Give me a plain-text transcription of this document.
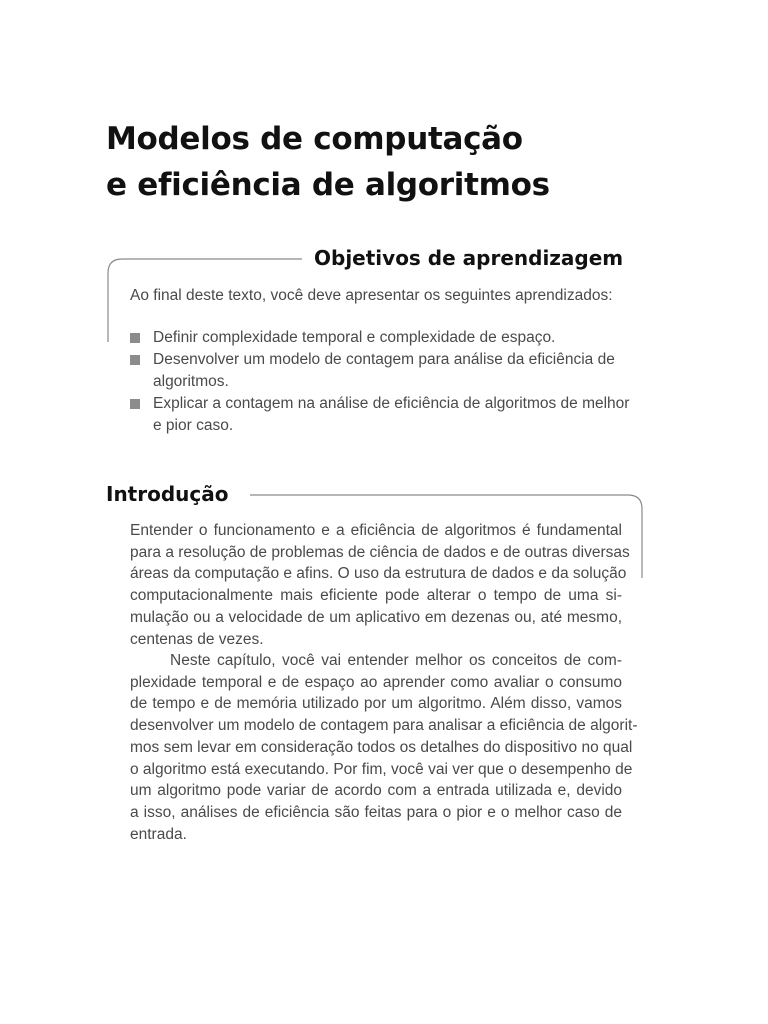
Modelos de computação
e eficiência de algoritmos
Objetivos de aprendizagem

Ao final deste texto, você deve apresentar os seguintes aprendizados:

Definir complexidade temporal e complexidade de espaço.
Desenvolver um modelo de contagem para análise da eficiência de
algoritmos.
Explicar a contagem na análise de eficiência de algoritmos de melhor
e pior caso.
Introdução

Entender o funcionamento e a eficiência de algoritmos é fundamental
para a resolução de problemas de ciência de dados e de outras diversas
áreas da computação e afins. O uso da estrutura de dados e da solução
computacionalmente mais eficiente pode alterar o tempo de uma si-
mulação ou a velocidade de um aplicativo em dezenas ou, até mesmo,
centenas de vezes.

Neste capítulo, você vai entender melhor os conceitos de com-
plexidade temporal e de espaço ao aprender como avaliar o consumo
de tempo e de memória utilizado por um algoritmo. Além disso, vamos
desenvolver um modelo de contagem para analisar a eficiência de algorit-
mos sem levar em consideração todos os detalhes do dispositivo no qual
o algoritmo está executando. Por fim, você vai ver que o desempenho de
um algoritmo pode variar de acordo com a entrada utilizada e, devido
a isso, análises de eficiência são feitas para o pior e o melhor caso de
entrada.
